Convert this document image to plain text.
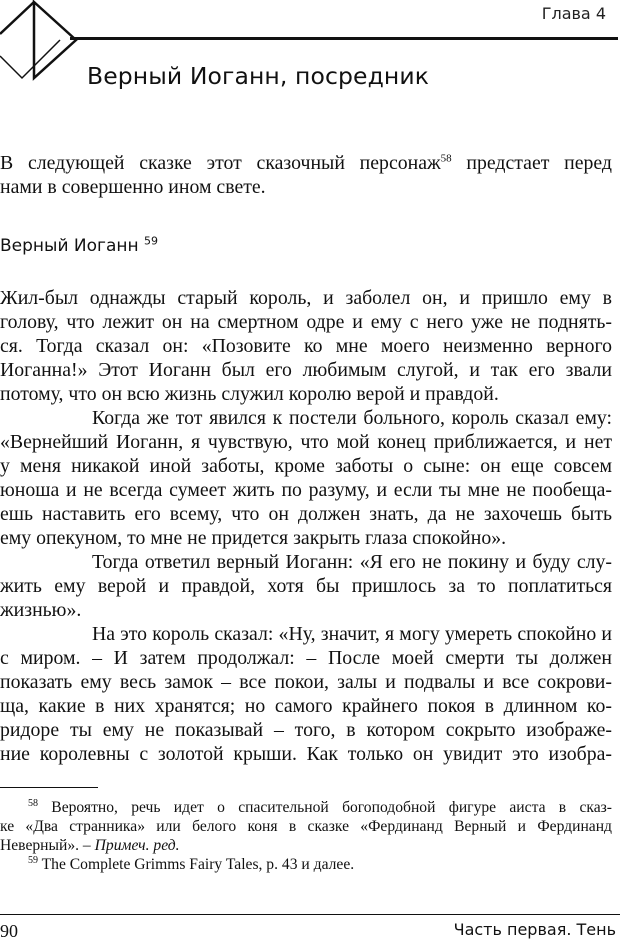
Глава 4
Верный Иоганн, посредник
В следующей сказке этот сказочный персонаж$^{58}$ предстает перед
нами в совершенно ином свете.
Верный Иоганн $^{59}$
Жил-был однажды старый король, и заболел он, и пришло ему в
голову, что лежит он на смертном одре и ему с него уже не поднять-
ся. Тогда сказал он: «Позовите ко мне моего неизменно верного
Иоганна!» Этот Иоганн был его любимым слугой, и так его звали
потому, что он всю жизнь служил королю верой и правдой.
Когда же тот явился к постели больного, король сказал ему:
«Вернейший Иоганн, я чувствую, что мой конец приближается, и нет
у меня никакой иной заботы, кроме заботы о сыне: он еще совсем
юноша и не всегда сумеет жить по разуму, и если ты мне не пообеща-
ешь наставить его всему, что он должен знать, да не захочешь быть
ему опекуном, то мне не придется закрыть глаза спокойно».
Тогда ответил верный Иоганн: «Я его не покину и буду слу-
жить ему верой и правдой, хотя бы пришлось за то поплатиться
жизнью».
На это король сказал: «Ну, значит, я могу умереть спокойно и
с миром. – И затем продолжал: – После моей смерти ты должен
показать ему весь замок – все покои, залы и подвалы и все сокрови-
ща, какие в них хранятся; но самого крайнего покоя в длинном ко-
ридоре ты ему не показывай – того, в котором сокрыто изображе-
ние королевны с золотой крыши. Как только он увидит это изобра-
$^{58}$ Вероятно, речь идет о спасительной богоподобной фигуре аиста в сказ-
ке «Два странника» или белого коня в сказке «Фердинанд Верный и Фердинанд
Неверный». – Примеч. ред.
$^{59}$ The Complete Grimms Fairy Tales, p. 43 и далее.
90	Часть первая. Тень
